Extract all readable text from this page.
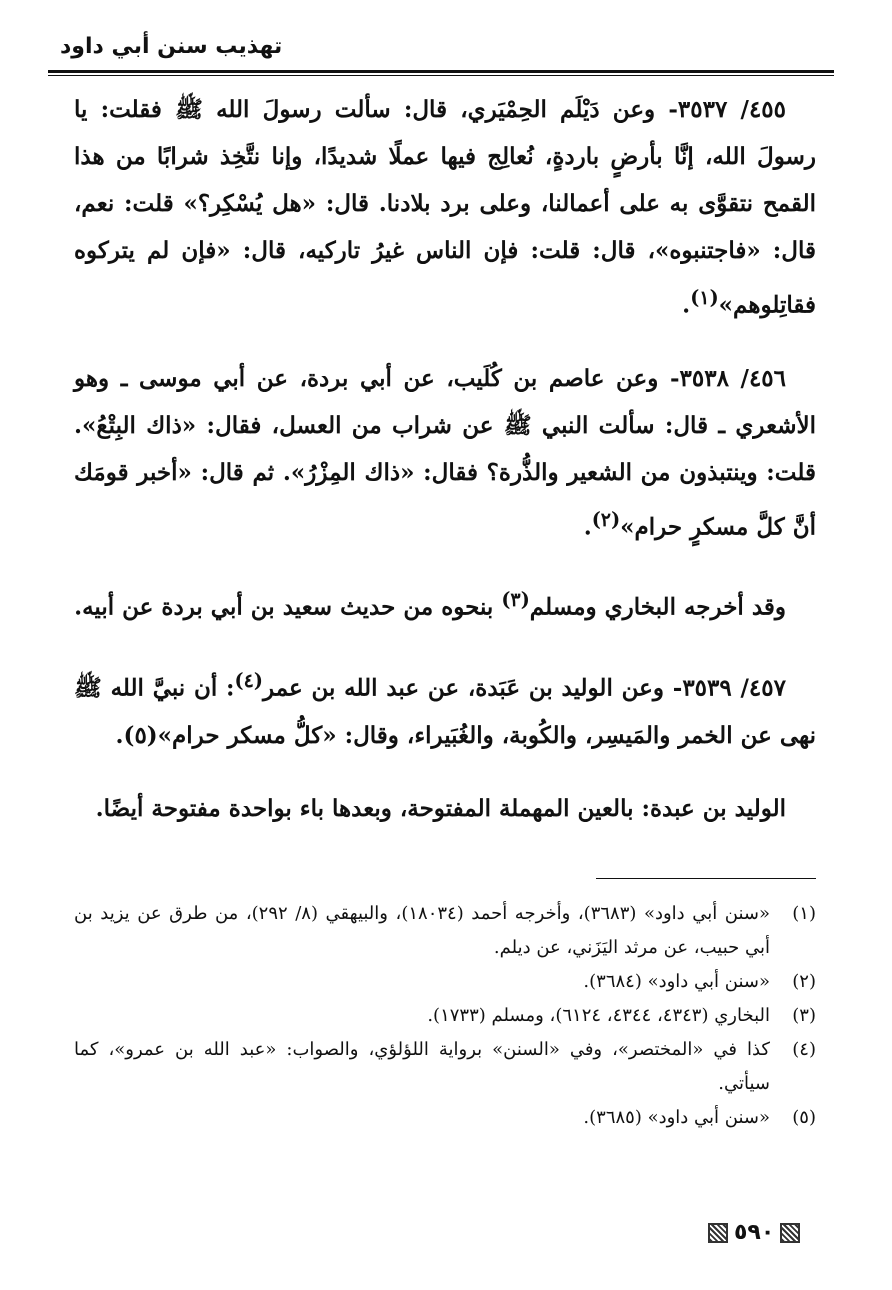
تهذيب سنن أبي داود

٤٥٥/ ٣٥٣٧- وعن دَيْلَم الحِمْيَري، قال: سألت رسولَ الله ﷺ فقلت: يا رسولَ الله، إنَّا بأرضٍ باردةٍ، نُعالِج فيها عملًا شديدًا، وإنا نتَّخِذ شرابًا من هذا القمح نتقوَّى به على أعمالنا، وعلى برد بلادنا. قال: «هل يُسْكِر؟» قلت: نعم، قال: «فاجتنبوه»، قال: قلت: فإن الناس غيرُ تاركيه، قال: «فإن لم يتركوه فقاتِلوهم»$^{(١)}$.

٤٥٦/ ٣٥٣٨- وعن عاصم بن كُلَيب، عن أبي بردة، عن أبي موسى ـ وهو الأشعري ـ قال: سألت النبي ﷺ عن شراب من العسل، فقال: «ذاك البِتْعُ». قلت: وينتبذون من الشعير والذُّرة؟ فقال: «ذاك المِزْرُ». ثم قال: «أخبر قومَك أنَّ كلَّ مسكرٍ حرام»$^{(٢)}$.

وقد أخرجه البخاري ومسلم$^{(٣)}$ بنحوه من حديث سعيد بن أبي بردة عن أبيه.

٤٥٧/ ٣٥٣٩- وعن الوليد بن عَبَدة، عن عبد الله بن عمر$^{(٤)}$: أن نبيَّ الله ﷺ نهى عن الخمر والمَيسِر، والكُوبة، والغُبَيراء، وقال: «كلُّ مسكر حرام»(٥).

الوليد بن عبدة: بالعين المهملة المفتوحة، وبعدها باء بواحدة مفتوحة أيضًا.

(١)
«سنن أبي داود» (٣٦٨٣)، وأخرجه أحمد (١٨٠٣٤)، والبيهقي (٨/ ٢٩٢)، من طرق عن يزيد بن أبي حبيب، عن مرثد اليَزَني، عن ديلم.
(٢)
«سنن أبي داود» (٣٦٨٤).
(٣)
البخاري (٤٣٤٣، ٤٣٤٤، ٦١٢٤)، ومسلم (١٧٣٣).
(٤)
كذا في «المختصر»، وفي «السنن» برواية اللؤلؤي، والصواب: «عبد الله بن عمرو»، كما سيأتي.
(٥)
«سنن أبي داود» (٣٦٨٥).
٥٩٠
